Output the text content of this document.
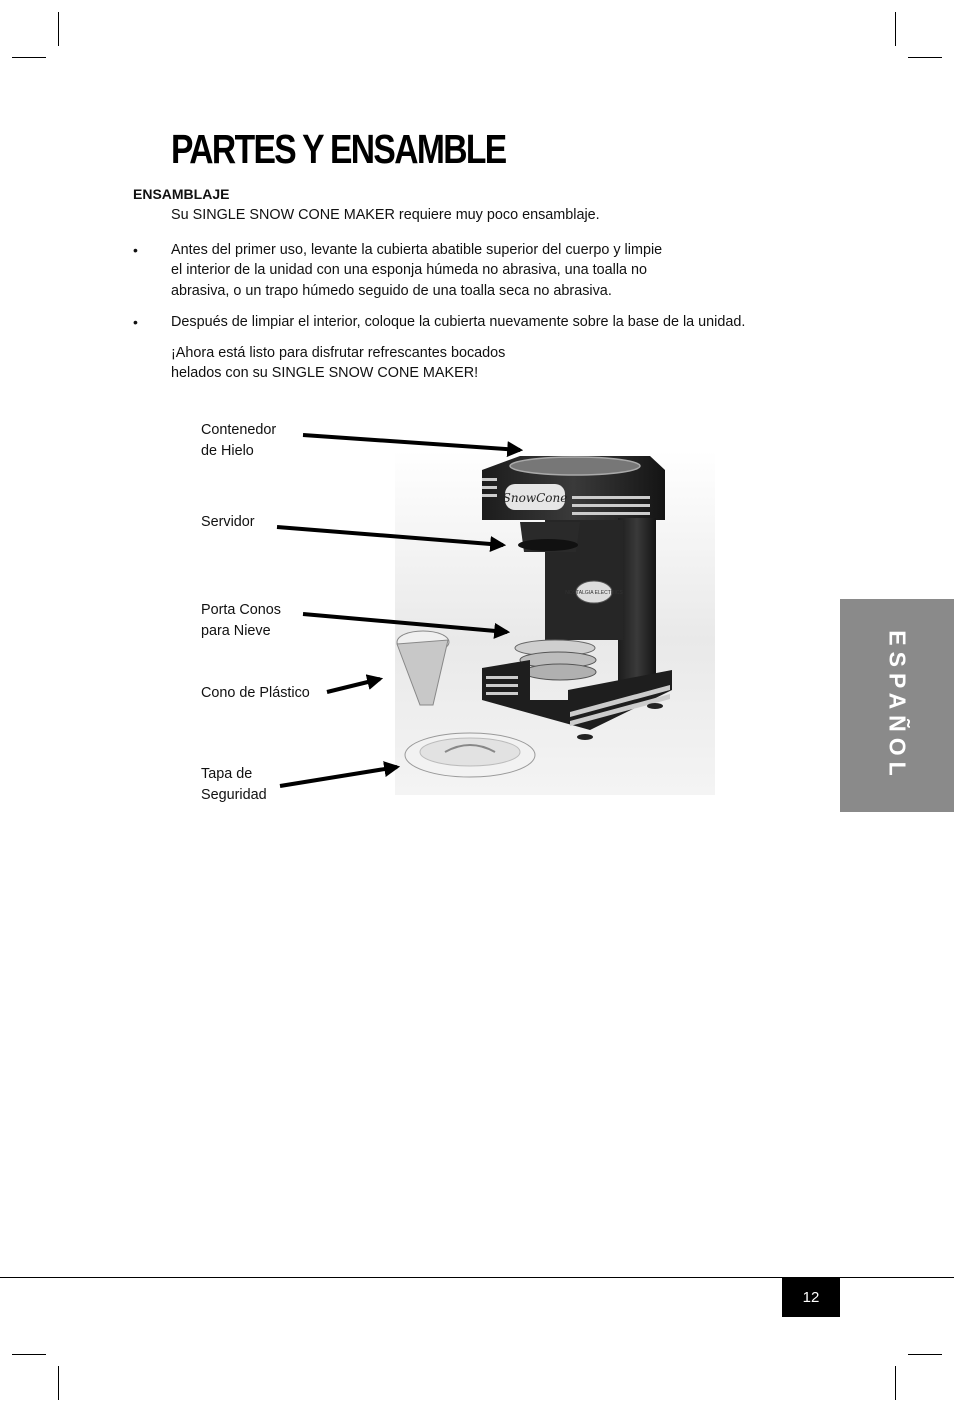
PARTES Y ENSAMBLE
ENSAMBLAJE
Su SINGLE SNOW CONE MAKER requiere muy poco ensamblaje.
• Antes del primer uso, levante la cubierta abatible superior del cuerpo y limpie
el interior de la unidad con una esponja húmeda no abrasiva, una toalla no
abrasiva, o un trapo húmedo seguido de una toalla seca no abrasiva.
• Después de limpiar el interior, coloque la cubierta nuevamente sobre la base de la unidad.
¡Ahora está listo para disfrutar refrescantes bocados
helados con su SINGLE SNOW CONE MAKER!
Contenedor
de Hielo
Servidor
Porta Conos
para Nieve
Cono de Plástico
Tapa de
Seguridad
SnowCone
NOSTALGIA ELECTRICS
ESPAÑOL
12
